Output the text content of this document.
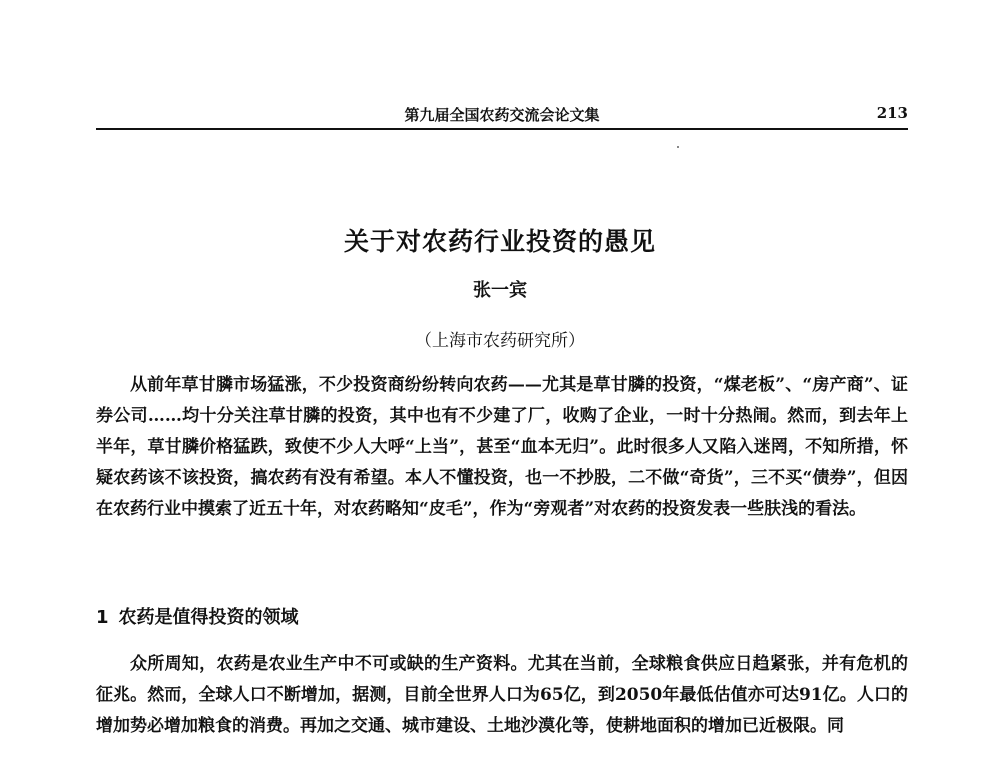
第九届全国农药交流会论文集	213
关于对农药行业投资的愚见
张一宾
（上海市农药研究所）

从前年草甘膦市场猛涨，不少投资商纷纷转向农药——尤其是草甘膦的投资，“煤老板”、“房产商”、证券公司……均十分关注草甘膦的投资，其中也有不少建了厂，收购了企业，一时十分热闹。然而，到去年上半年，草甘膦价格猛跌，致使不少人大呼“上当”，甚至“血本无归”。此时很多人又陷入迷罔，不知所措，怀疑农药该不该投资，搞农药有没有希望。本人不懂投资，也一不抄股，二不做“奇货”，三不买“债券”，但因在农药行业中摸索了近五十年，对农药略知“皮毛”，作为“旁观者”对农药的投资发表一些肤浅的看法。

1 农药是值得投资的领域

众所周知，农药是农业生产中不可或缺的生产资料。尤其在当前，全球粮食供应日趋紧张，并有危机的征兆。然而，全球人口不断增加，据测，目前全世界人口为65亿，到2050年最低估值亦可达91亿。人口的增加势必增加粮食的消费。再加之交通、城市建设、土地沙漠化等，使耕地面积的增加已近极限。同
